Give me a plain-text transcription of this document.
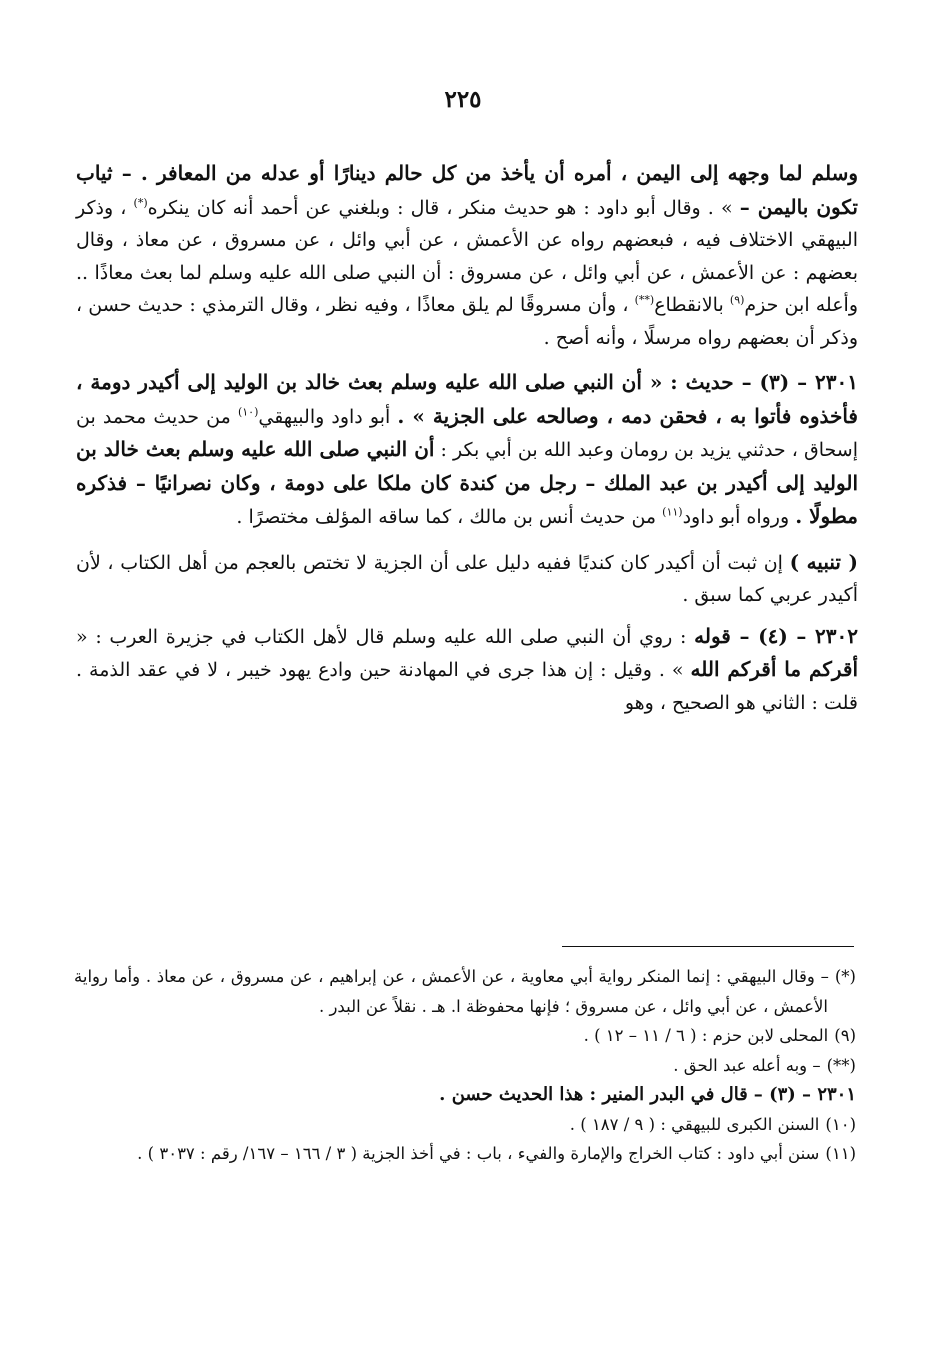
٢٢٥

وسلم لما وجهه إلى اليمن ، أمره أن يأخذ من كل حالم دينارًا أو عدله من المعافر . – ثياب تكون باليمن – » . وقال أبو داود : هو حديث منكر ، قال : وبلغني عن أحمد أنه كان ينكره(*) ، وذكر البيهقي الاختلاف فيه ، فبعضهم رواه عن الأعمش ، عن أبي وائل ، عن مسروق ، عن معاذ ، وقال بعضهم : عن الأعمش ، عن أبي وائل ، عن مسروق : أن النبي صلى الله عليه وسلم لما بعث معاذًا .. وأعله ابن حزم$^{(٩)}$ بالانقطاع(**) ، وأن مسروقًا لم يلق معاذًا ، وفيه نظر ، وقال الترمذي : حديث حسن ، وذكر أن بعضهم رواه مرسلًا ، وأنه أصح .

٢٣٠١ – (٣) – حديث : « أن النبي صلى الله عليه وسلم بعث خالد بن الوليد إلى أكيدر دومة ، فأخذوه فأتوا به ، فحقن دمه ، وصالحه على الجزية » . أبو داود والبيهقي$^{(١٠)}$ من حديث محمد بن إسحاق ، حدثني يزيد بن رومان وعبد الله بن أبي بكر : أن النبي صلى الله عليه وسلم بعث خالد بن الوليد إلى أكيدر بن عبد الملك – رجل من كندة كان ملكا على دومة ، وكان نصرانيًا – فذكره مطولًا . ورواه أبو داود$^{(١١)}$ من حديث أنس بن مالك ، كما ساقه المؤلف مختصرًا .

( تنبيه ) إن ثبت أن أكيدر كان كنديًا ففيه دليل على أن الجزية لا تختص بالعجم من أهل الكتاب ، لأن أكيدر عربي كما سبق .

٢٣٠٢ – (٤) – قوله : روي أن النبي صلى الله عليه وسلم قال لأهل الكتاب في جزيرة العرب : « أقركم ما أقركم الله » . وقيل : إن هذا جرى في المهادنة حين وادع يهود خيبر ، لا في عقد الذمة . قلت : الثاني هو الصحيح ، وهو

(*)– وقال البيهقي : إنما المنكر رواية أبي معاوية ، عن الأعمش ، عن إبراهيم ، عن مسروق ، عن معاذ . وأما رواية الأعمش ، عن أبي وائل ، عن مسروق ؛ فإنها محفوظة ا. هـ . نقلاً عن البدر .

(٩)المحلى لابن حزم : ( ٦ / ١١ – ١٢ ) .

(**)– وبه أعله عبد الحق .

٢٣٠١ – (٣) –قال في البدر المنير : هذا الحديث حسن .

(١٠)السنن الكبرى للبيهقي : ( ٩ / ١٨٧ ) .

(١١)سنن أبي داود : كتاب الخراج والإمارة والفيء ، باب : في أخذ الجزية ( ٣ / ١٦٦ – ١٦٧/ رقم : ٣٠٣٧ ) .
